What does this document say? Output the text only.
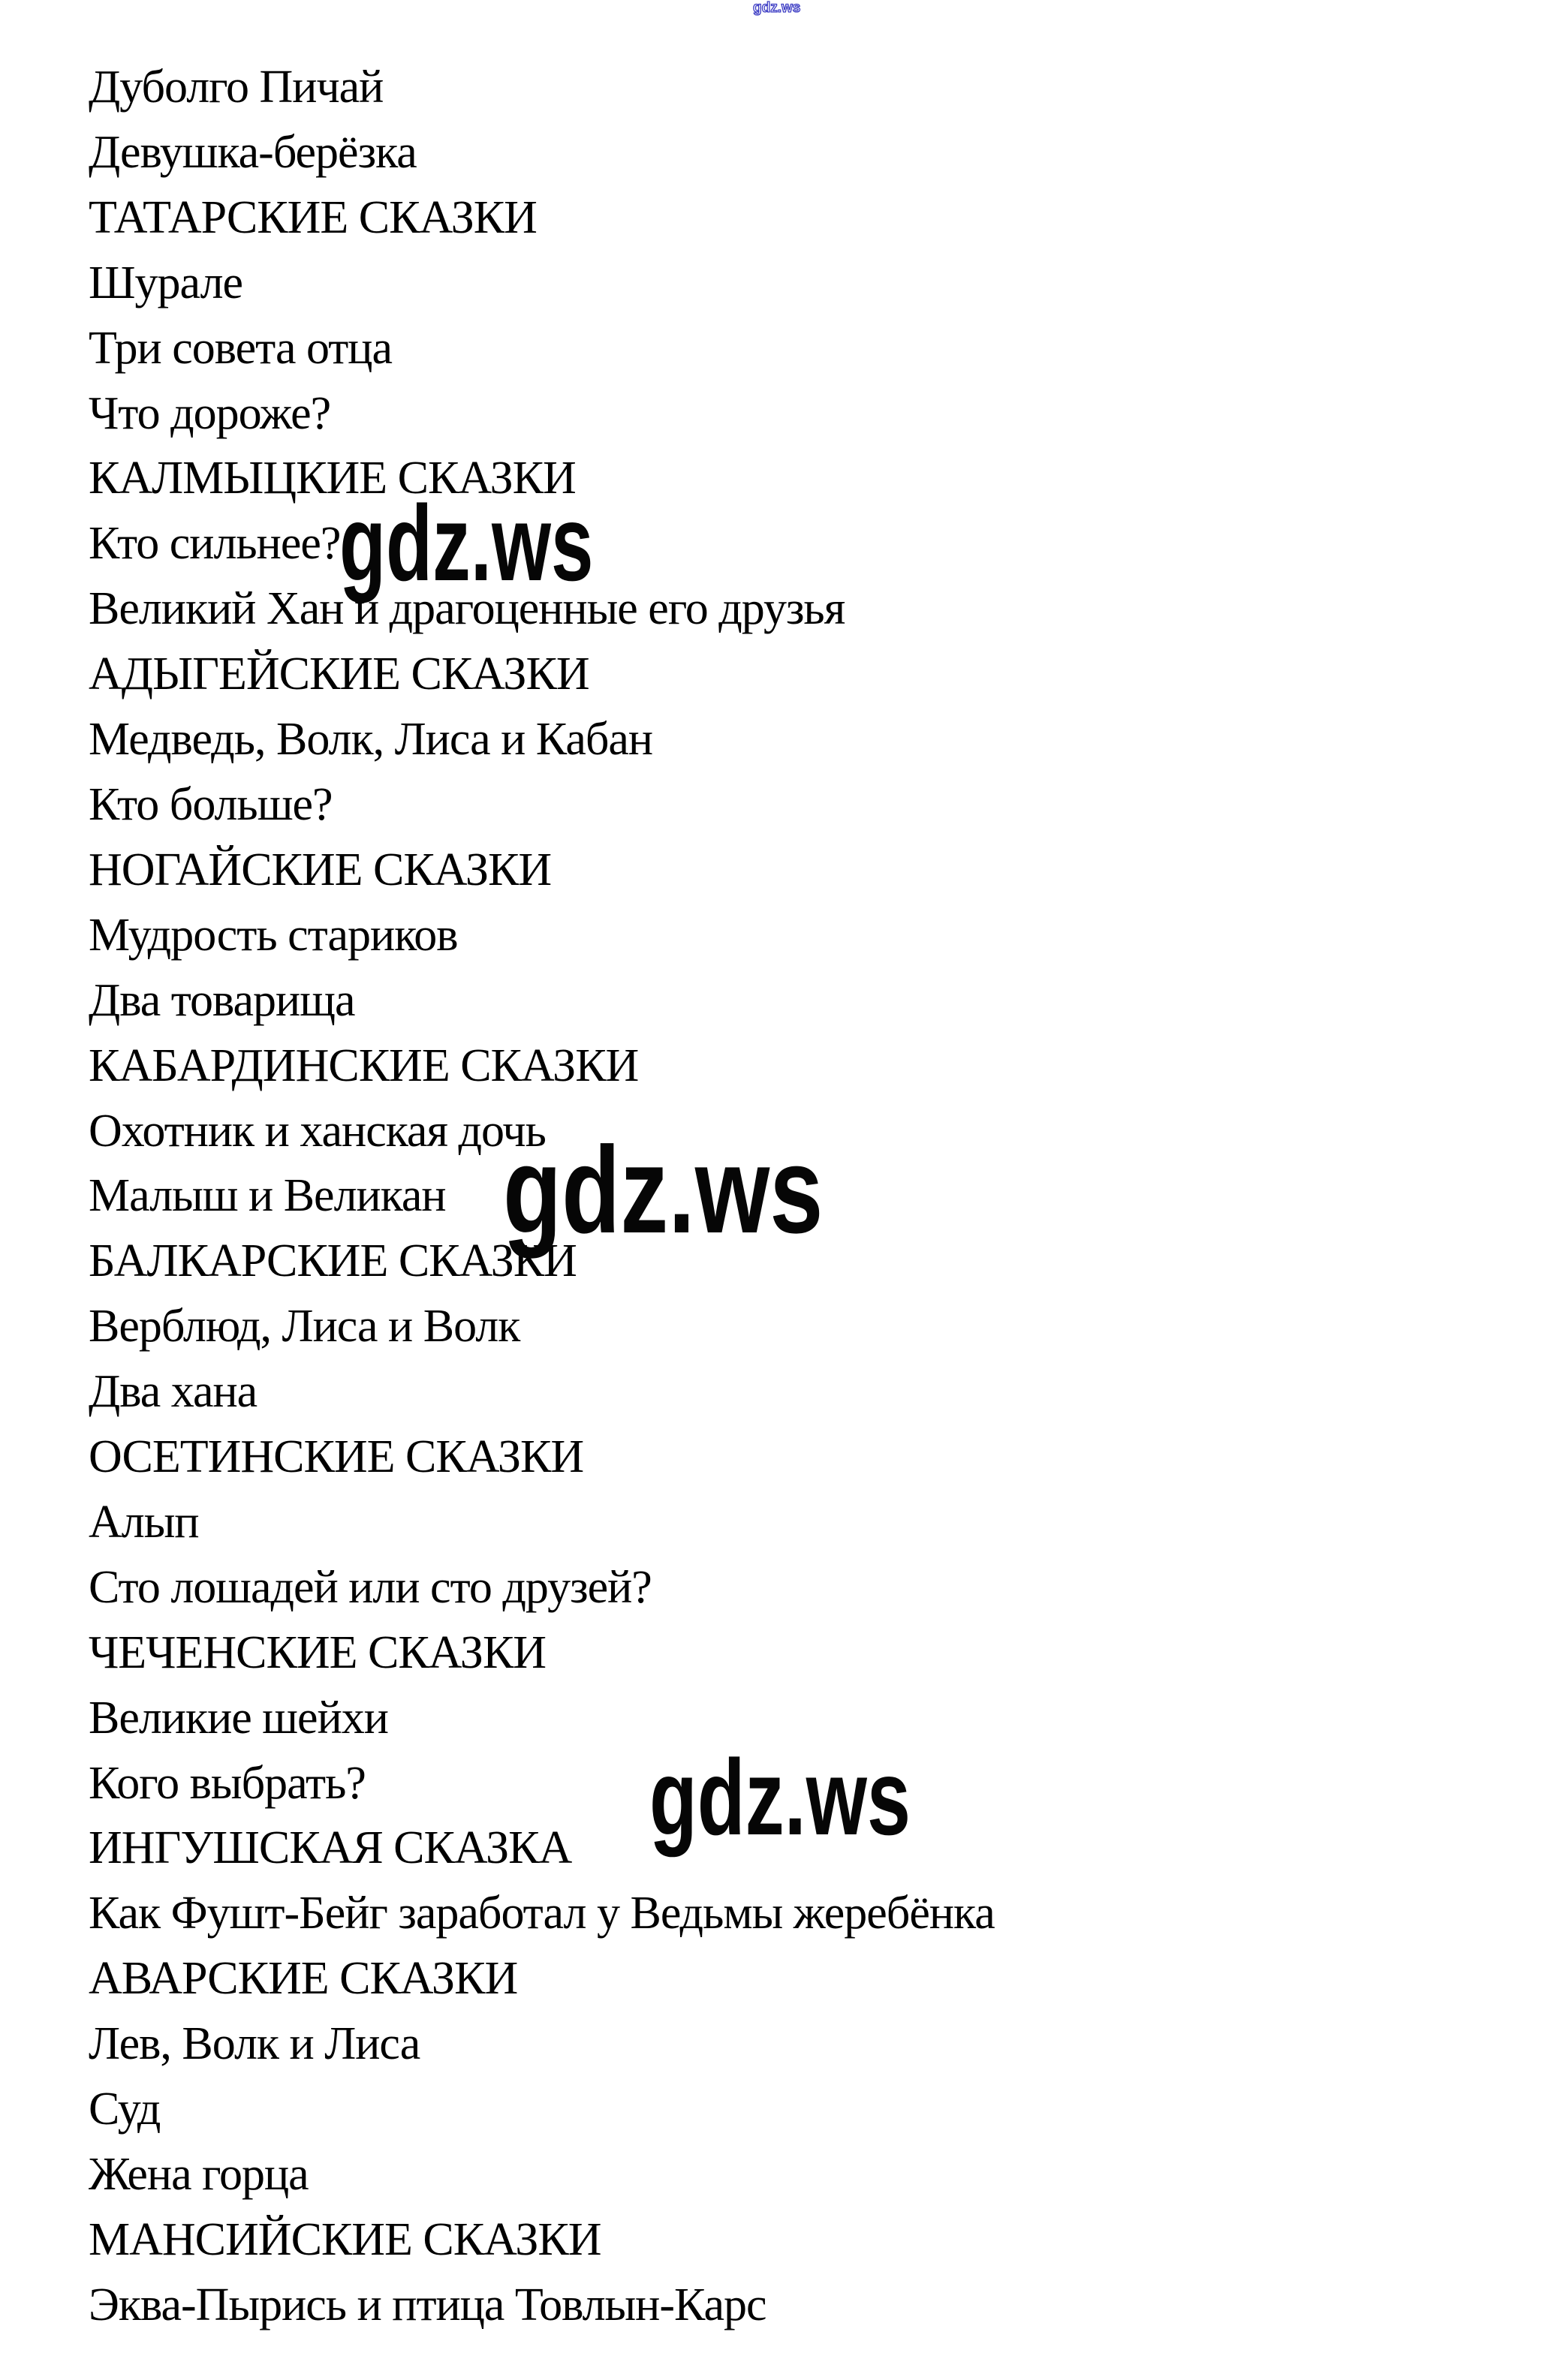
gdz.ws
Дуболго Пичай
Девушка-берёзка
ТАТАРСКИЕ СКАЗКИ
Шурале
Три совета отца
Что дороже?
КАЛМЫЦКИЕ СКАЗКИ
Кто сильнее?
Великий Хан и драгоценные его друзья
АДЫГЕЙСКИЕ СКАЗКИ
Медведь, Волк, Лиса и Кабан
Кто больше?
НОГАЙСКИЕ СКАЗКИ
Мудрость стариков
Два товарища
КАБАРДИНСКИЕ СКАЗКИ
Охотник и ханская дочь
Малыш и Великан
БАЛКАРСКИЕ СКАЗКИ
Верблюд, Лиса и Волк
Два хана
ОСЕТИНСКИЕ СКАЗКИ
Алып
Сто лошадей или сто друзей?
ЧЕЧЕНСКИЕ СКАЗКИ
Великие шейхи
Кого выбрать?
ИНГУШСКАЯ СКАЗКА
Как Фушт-Бейг заработал у Ведьмы жеребёнка
АВАРСКИЕ СКАЗКИ
Лев, Волк и Лиса
Суд
Жена горца
МАНСИЙСКИЕ СКАЗКИ
Эква-Пырись и птица Товлын-Карс
gdz.ws
gdz.ws
gdz.ws
